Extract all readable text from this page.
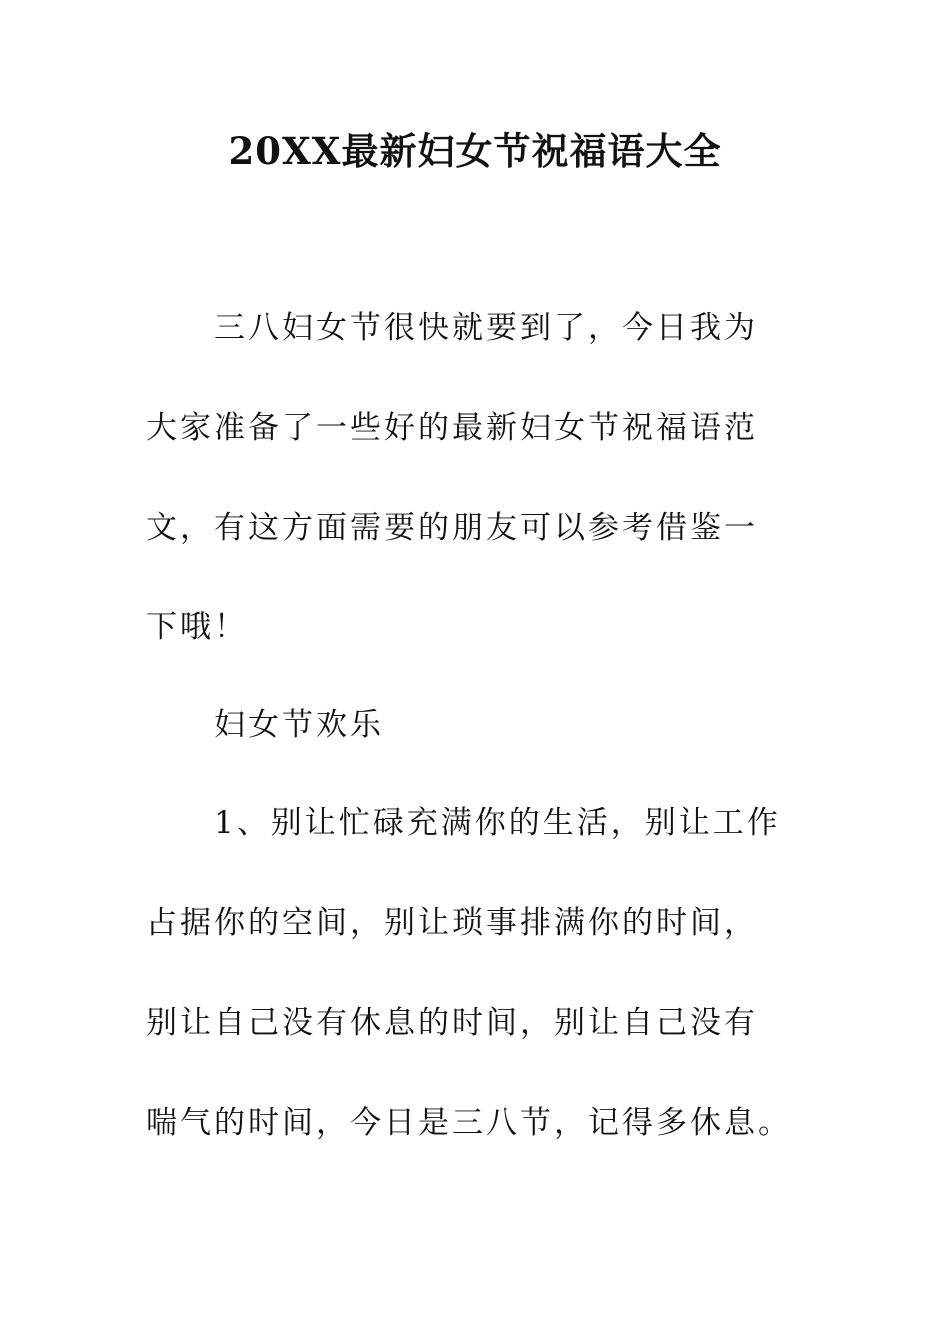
20XX最新妇女节祝福语大全

三八妇女节很快就要到了，今日我为

大家准备了一些好的最新妇女节祝福语范

文，有这方面需要的朋友可以参考借鉴一

下哦！

妇女节欢乐

1、别让忙碌充满你的生活，别让工作

占据你的空间，别让琐事排满你的时间，

别让自己没有休息的时间，别让自己没有

喘气的时间，今日是三八节，记得多休息。
